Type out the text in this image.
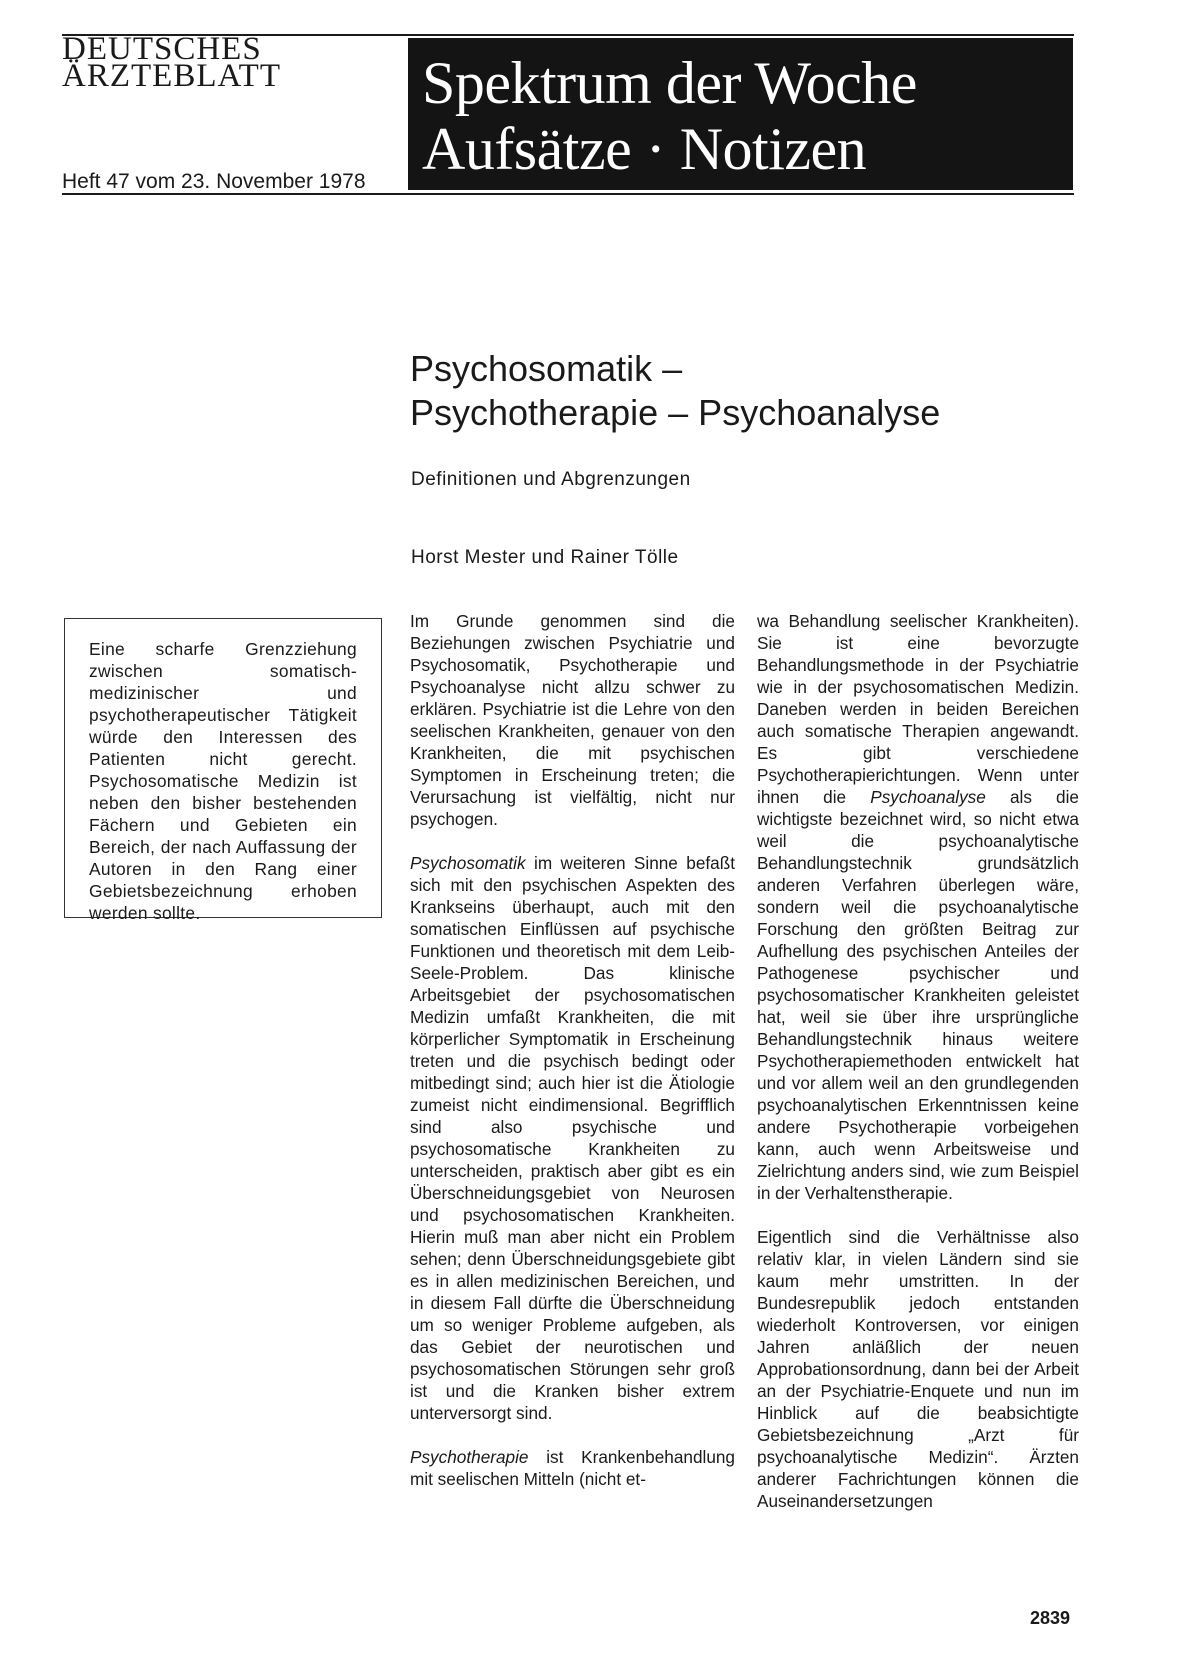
DEUTSCHES
ÄRZTEBLATT
Heft 47 vom 23. November 1978
Spektrum der Woche
Aufsätze · Notizen
Psychosomatik –
Psychotherapie – Psychoanalyse
Definitionen und Abgrenzungen
Horst Mester und Rainer Tölle
Eine scharfe Grenzziehung zwischen somatisch-medizinischer und psychotherapeutischer Tätigkeit würde den Interessen des Patienten nicht gerecht. Psychosomatische Medizin ist neben den bisher bestehenden Fächern und Gebieten ein Bereich, der nach Auffassung der Autoren in den Rang einer Gebietsbezeichnung erhoben werden sollte.

Im Grunde genommen sind die Beziehungen zwischen Psychiatrie und Psychosomatik, Psychotherapie und Psychoanalyse nicht allzu schwer zu erklären. Psychiatrie ist die Lehre von den seelischen Krankheiten, genauer von den Krankheiten, die mit psychischen Symptomen in Erscheinung treten; die Verursachung ist vielfältig, nicht nur psychogen.

Psychosomatik im weiteren Sinne befaßt sich mit den psychischen Aspekten des Krankseins überhaupt, auch mit den somatischen Einflüssen auf psychische Funktionen und theoretisch mit dem Leib-Seele-Problem. Das klinische Arbeitsgebiet der psychosomatischen Medizin umfaßt Krankheiten, die mit körperlicher Symptomatik in Erscheinung treten und die psychisch bedingt oder mitbedingt sind; auch hier ist die Ätiologie zumeist nicht eindimensional. Begrifflich sind also psychische und psychosomatische Krankheiten zu unterscheiden, praktisch aber gibt es ein Überschneidungsgebiet von Neurosen und psychosomatischen Krankheiten. Hierin muß man aber nicht ein Problem sehen; denn Überschneidungsgebiete gibt es in allen medizinischen Bereichen, und in diesem Fall dürfte die Überschneidung um so weniger Probleme aufgeben, als das Gebiet der neurotischen und psychosomatischen Störungen sehr groß ist und die Kranken bisher extrem unterversorgt sind.

Psychotherapie ist Krankenbehandlung mit seelischen Mitteln (nicht et-

wa Behandlung seelischer Krankheiten). Sie ist eine bevorzugte Behandlungsmethode in der Psychiatrie wie in der psychosomatischen Medizin. Daneben werden in beiden Bereichen auch somatische Therapien angewandt. Es gibt verschiedene Psychotherapierichtungen. Wenn unter ihnen die Psychoanalyse als die wichtigste bezeichnet wird, so nicht etwa weil die psychoanalytische Behandlungstechnik grundsätzlich anderen Verfahren überlegen wäre, sondern weil die psychoanalytische Forschung den größten Beitrag zur Aufhellung des psychischen Anteiles der Pathogenese psychischer und psychosomatischer Krankheiten geleistet hat, weil sie über ihre ursprüngliche Behandlungstechnik hinaus weitere Psychotherapiemethoden entwickelt hat und vor allem weil an den grundlegenden psychoanalytischen Erkenntnissen keine andere Psychotherapie vorbeigehen kann, auch wenn Arbeitsweise und Zielrichtung anders sind, wie zum Beispiel in der Verhaltenstherapie.

Eigentlich sind die Verhältnisse also relativ klar, in vielen Ländern sind sie kaum mehr umstritten. In der Bundesrepublik jedoch entstanden wiederholt Kontroversen, vor einigen Jahren anläßlich der neuen Approbationsordnung, dann bei der Arbeit an der Psychiatrie-Enquete und nun im Hinblick auf die beabsichtigte Gebietsbezeichnung „Arzt für psychoanalytische Medizin“. Ärzten anderer Fachrichtungen können die Auseinandersetzungen

2839
